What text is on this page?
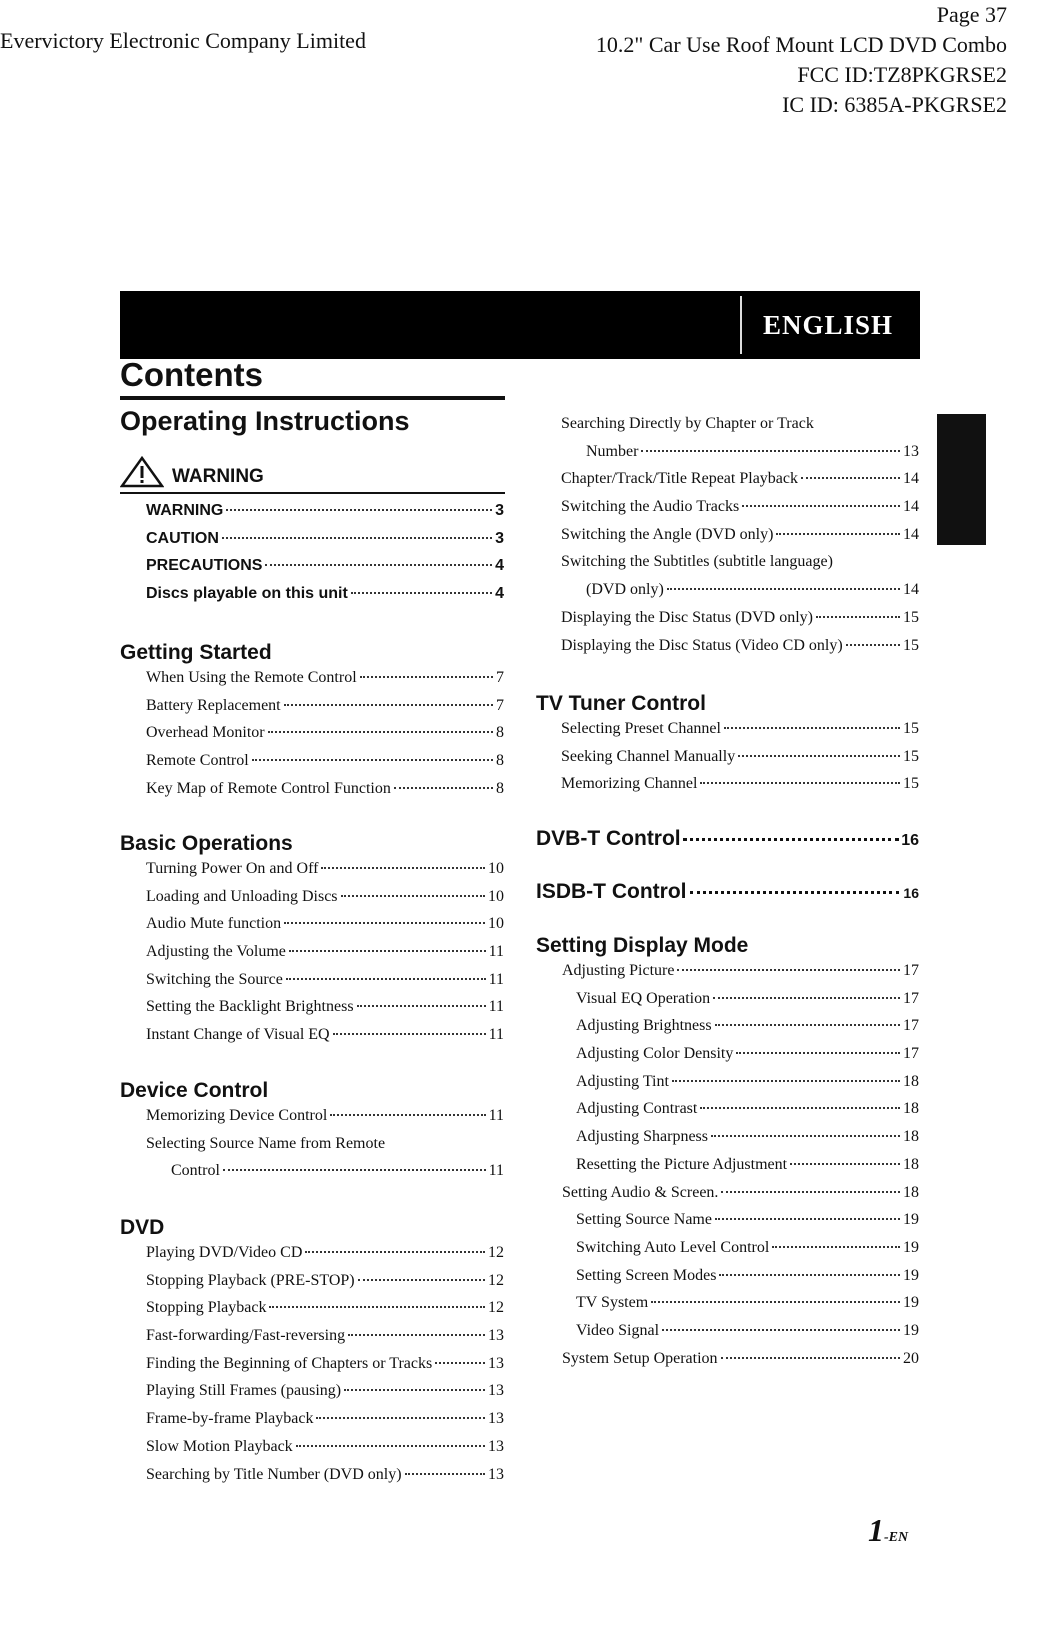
Evervictory Electronic Company Limited
Page 37
10.2" Car Use Roof Mount LCD DVD Combo
FCC ID:TZ8PKGRSE2
IC ID: 6385A-PKGRSE2
ENGLISH
Contents
Operating Instructions
WARNING
WARNING	3
CAUTION	3
PRECAUTIONS	4
Discs playable on this unit	4
Getting Started
When Using the Remote Control	7
Battery Replacement	7
Overhead Monitor	8
Remote Control	8
Key Map of Remote Control Function	8
Basic Operations
Turning Power On and Off	10
Loading and Unloading Discs	10
Audio Mute function	10
Adjusting the Volume	11
Switching the Source	11
Setting the Backlight Brightness	11
Instant Change of Visual EQ	11
Device Control
Memorizing Device Control	11
Selecting Source Name from Remote
Control	11
DVD
Playing DVD/Video CD	12
Stopping Playback (PRE-STOP)	12
Stopping Playback	12
Fast-forwarding/Fast-reversing	13
Finding the Beginning of Chapters or Tracks	13
Playing Still Frames (pausing)	13
Frame-by-frame Playback	13
Slow Motion Playback	13
Searching by Title Number (DVD only)	13
Searching Directly by Chapter or Track
Number	13
Chapter/Track/Title Repeat Playback	14
Switching the Audio Tracks	14
Switching the Angle (DVD only)	14
Switching the Subtitles (subtitle language)
(DVD only)	14
Displaying the Disc Status (DVD only)	15
Displaying the Disc Status (Video CD only)	15
TV Tuner Control
Selecting Preset Channel	15
Seeking Channel Manually	15
Memorizing Channel	15
DVB-T Control	16
ISDB-T Control	16
Setting Display Mode
Adjusting Picture	17
Visual EQ Operation	17
Adjusting Brightness	17
Adjusting Color Density	17
Adjusting Tint	18
Adjusting Contrast	18
Adjusting Sharpness	18
Resetting the Picture Adjustment	18
Setting Audio & Screen.	18
Setting Source Name	19
Switching Auto Level Control	19
Setting Screen Modes	19
TV System	19
Video Signal	19
System Setup Operation	20
1-EN
